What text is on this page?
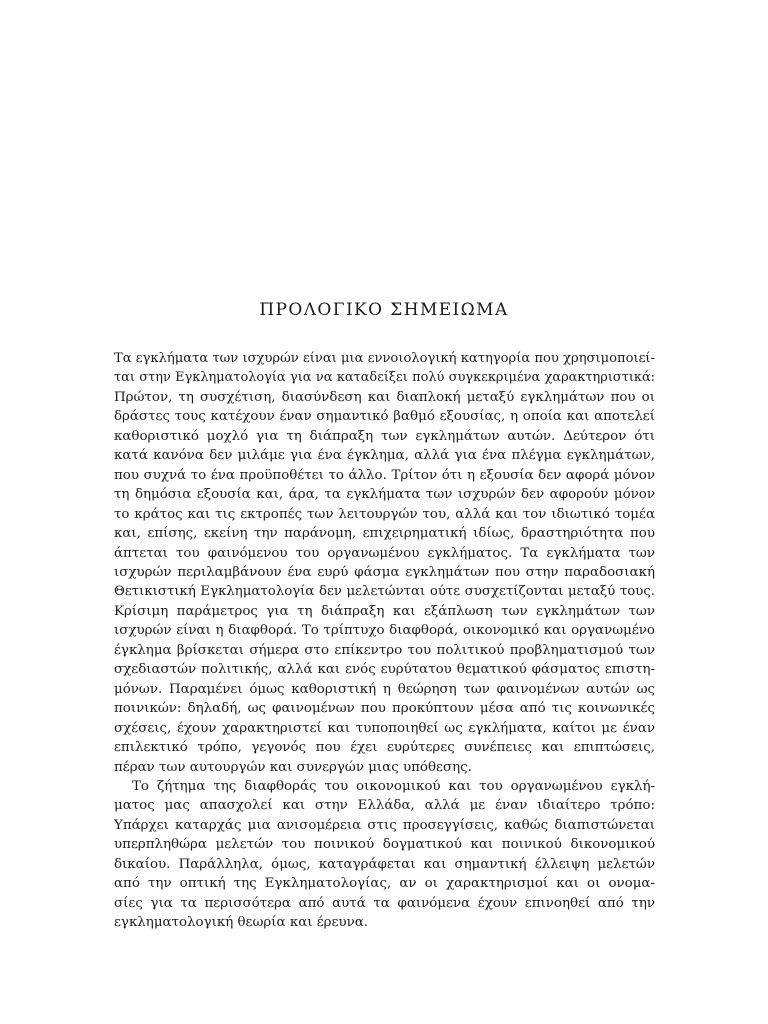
ΠΡΟΛΟΓΙΚΟ ΣΗΜΕΙΩΜΑ

Τα εγκλήματα των ισχυρών είναι μια εννοιολογική κατηγορία που χρησιμοποιεί-
ται στην Εγκληματολογία για να καταδείξει πολύ συγκεκριμένα χαρακτηριστικά:
Πρώτον, τη συσχέτιση, διασύνδεση και διαπλοκή μεταξύ εγκλημάτων που οι
δράστες τους κατέχουν έναν σημαντικό βαθμό εξουσίας, η οποία και αποτελεί
καθοριστικό μοχλό για τη διάπραξη των εγκλημάτων αυτών. Δεύτερον ότι
κατά κανόνα δεν μιλάμε για ένα έγκλημα, αλλά για ένα πλέγμα εγκλημάτων,
που συχνά το ένα προϋποθέτει το άλλο. Τρίτον ότι η εξουσία δεν αφορά μόνον
τη δημόσια εξουσία και, άρα, τα εγκλήματα των ισχυρών δεν αφορούν μόνον
το κράτος και τις εκτροπές των λειτουργών του, αλλά και τον ιδιωτικό τομέα
και, επίσης, εκείνη την παράνομη, επιχειρηματική ιδίως, δραστηριότητα που
άπτεται του φαινόμενου του οργανωμένου εγκλήματος. Τα εγκλήματα των
ισχυρών περιλαμβάνουν ένα ευρύ φάσμα εγκλημάτων που στην παραδοσιακή
Θετικιστική Εγκληματολογία δεν μελετώνται ούτε συσχετίζονται μεταξύ τους.
Κρίσιμη παράμετρος για τη διάπραξη και εξάπλωση των εγκλημάτων των
ισχυρών είναι η διαφθορά. Το τρίπτυχο διαφθορά, οικονομικό και οργανωμένο
έγκλημα βρίσκεται σήμερα στο επίκεντρο του πολιτικού προβληματισμού των
σχεδιαστών πολιτικής, αλλά και ενός ευρύτατου θεματικού φάσματος επιστη-
μόνων. Παραμένει όμως καθοριστική η θεώρηση των φαινομένων αυτών ως
ποινικών: δηλαδή, ως φαινομένων που προκύπτουν μέσα από τις κοινωνικές
σχέσεις, έχουν χαρακτηριστεί και τυποποιηθεί ως εγκλήματα, καίτοι με έναν
επιλεκτικό τρόπο, γεγονός που έχει ευρύτερες συνέπειες και επιπτώσεις,
πέραν των αυτουργών και συνεργών μιας υπόθεσης.

Το ζήτημα της διαφθοράς του οικονομικού και του οργανωμένου εγκλή-
ματος μας απασχολεί και στην Ελλάδα, αλλά με έναν ιδιαίτερο τρόπο:
Υπάρχει καταρχάς μια ανισομέρεια στις προσεγγίσεις, καθώς διαπιστώνεται
υπερπληθώρα μελετών του ποινικού δογματικού και ποινικού δικονομικού
δικαίου. Παράλληλα, όμως, καταγράφεται και σημαντική έλλειψη μελετών
από την οπτική της Εγκληματολογίας, αν οι χαρακτηρισμοί και οι ονομα-
σίες για τα περισσότερα από αυτά τα φαινόμενα έχουν επινοηθεί από την
εγκληματολογική θεωρία και έρευνα.
